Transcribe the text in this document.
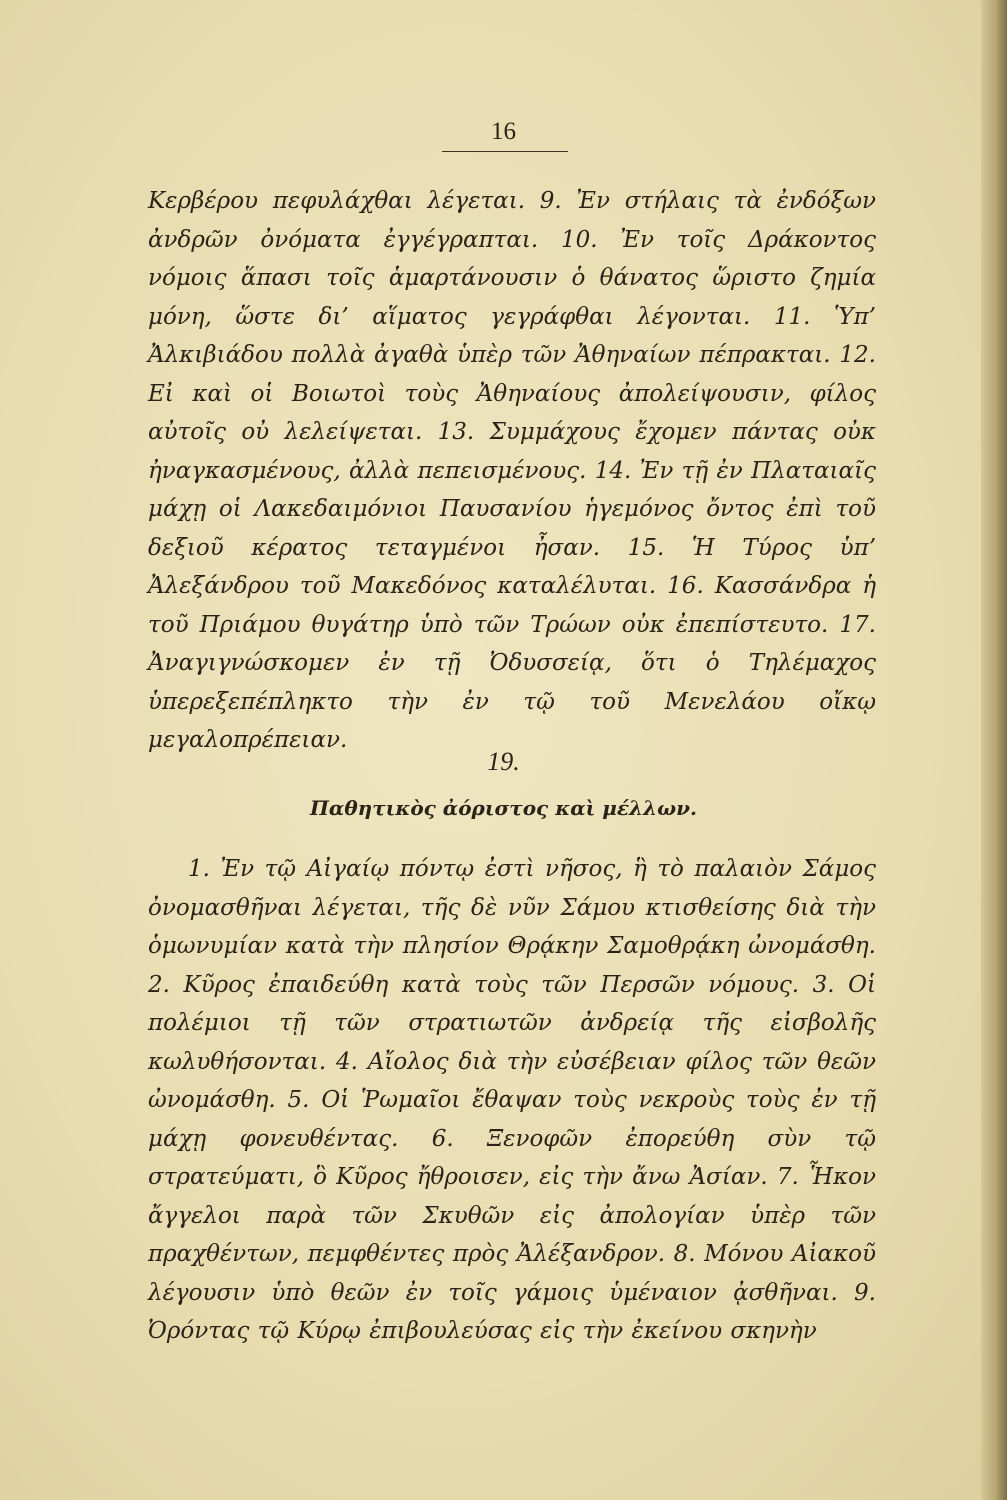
16

Κερβέρου πεφυλάχθαι λέγεται. 9. Ἐν στήλαις τὰ ἐνδόξων ἀνδρῶν ὀνόματα ἐγγέγραπται. 10. Ἐν τοῖς Δράκοντος νόμοις ἅπασι τοῖς ἁμαρτάνουσιν ὁ θάνατος ὥριστο ζημία μόνη, ὥστε δι’ αἵματος γεγράφθαι λέγονται. 11. Ὑπ’ Ἀλκιβιάδου πολλὰ ἀγαθὰ ὑπὲρ τῶν Ἀθηναίων πέπρακται. 12. Εἰ καὶ οἱ Βοιωτοὶ τοὺς Ἀθηναίους ἀπολείψουσιν, φίλος αὐτοῖς οὐ λελείψεται. 13. Συμμάχους ἔχομεν πάντας οὐκ ἠναγκασμένους, ἀλλὰ πεπεισμένους. 14. Ἐν τῇ ἐν Πλαταιαῖς μάχῃ οἱ Λακεδαιμόνιοι Παυσανίου ἡγεμόνος ὄντος ἐπὶ τοῦ δεξιοῦ κέρατος τεταγμένοι ἦσαν. 15. Ἡ Τύρος ὑπ’ Ἀλεξάνδρου τοῦ Μακεδόνος καταλέλυται. 16. Κασσάνδρα ἡ τοῦ Πριάμου θυγάτηρ ὑπὸ τῶν Τρώων οὐκ ἐπεπίστευτο. 17. Ἀναγιγνώσκομεν ἐν τῇ Ὀδυσσείᾳ, ὅτι ὁ Τηλέμαχος ὑπερεξεπέπληκτο τὴν ἐν τῷ τοῦ Μενελάου οἴκῳ μεγαλοπρέπειαν.

19.
Παθητικὸς ἀόριστος καὶ μέλλων.

1. Ἐν τῷ Αἰγαίῳ πόντῳ ἐστὶ νῆσος, ἣ τὸ παλαιὸν Σάμος ὀνομασθῆναι λέγεται, τῆς δὲ νῦν Σάμου κτισθείσης διὰ τὴν ὁμωνυμίαν κατὰ τὴν πλησίον Θρᾴκην Σαμοθρᾴκη ὠνομάσθη. 2. Κῦρος ἐπαιδεύθη κατὰ τοὺς τῶν Περσῶν νόμους. 3. Οἱ πολέμιοι τῇ τῶν στρατιωτῶν ἀνδρείᾳ τῆς εἰσβολῆς κωλυθήσονται. 4. Αἴολος διὰ τὴν εὐσέβειαν φίλος τῶν θεῶν ὠνομάσθη. 5. Οἱ Ῥωμαῖοι ἔθαψαν τοὺς νεκροὺς τοὺς ἐν τῇ μάχῃ φονευθέντας. 6. Ξενοφῶν ἐπορεύθη σὺν τῷ στρατεύματι, ὃ Κῦρος ἤθροισεν, εἰς τὴν ἄνω Ἀσίαν. 7. Ἧκον ἄγγελοι παρὰ τῶν Σκυθῶν εἰς ἀπολογίαν ὑπὲρ τῶν πραχθέντων, πεμφθέντες πρὸς Ἀλέξανδρον. 8. Μόνου Αἰακοῦ λέγουσιν ὑπὸ θεῶν ἐν τοῖς γάμοις ὑμέναιον ᾀσθῆναι. 9. Ὀρόντας τῷ Κύρῳ ἐπιβουλεύσας εἰς τὴν ἐκείνου σκηνὴν
